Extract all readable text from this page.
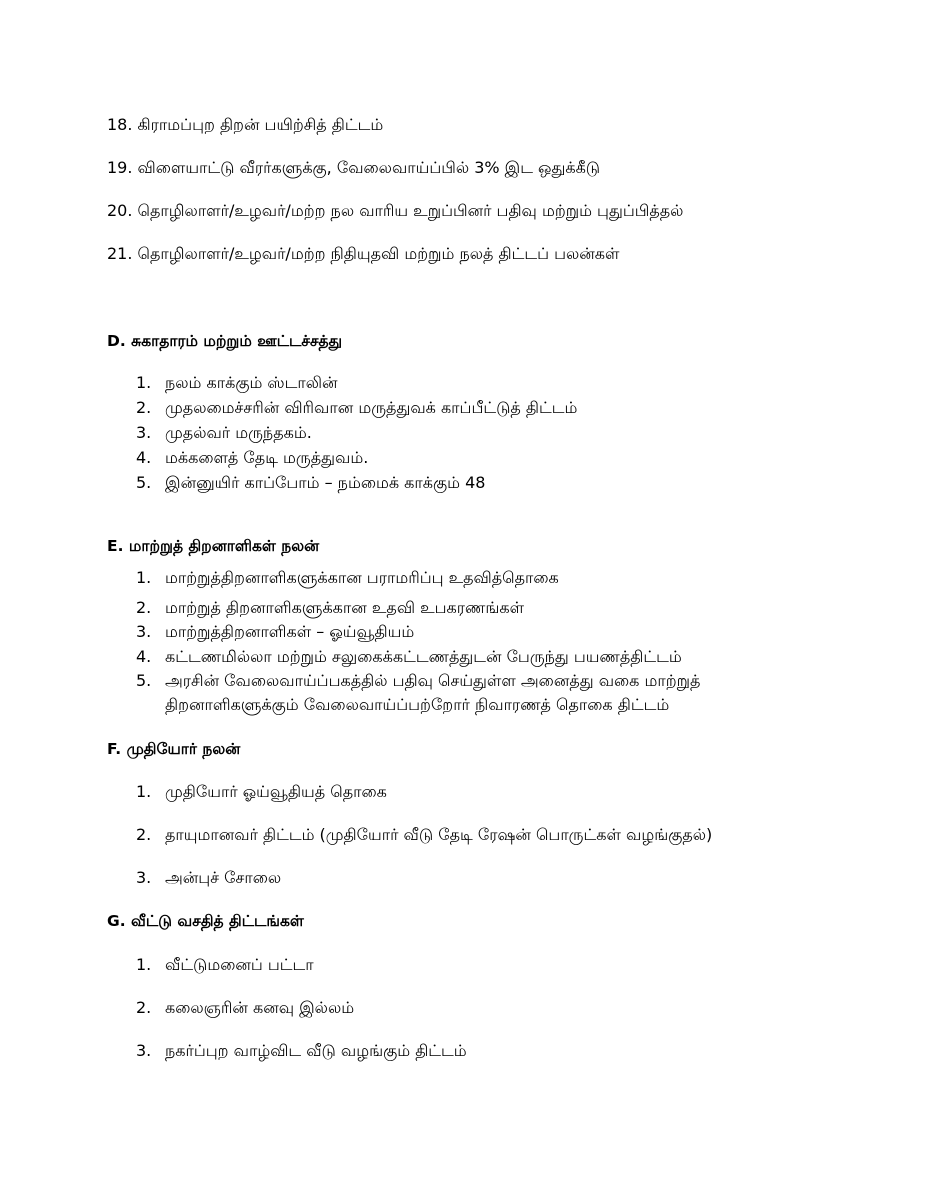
18. கிராமப்புற திறன் பயிற்சித் திட்டம்
19. விளையாட்டு வீரர்களுக்கு, வேலைவாய்ப்பில் 3% இட ஒதுக்கீடு
20. தொழிலாளர்/உழவர்/மற்ற நல வாரிய உறுப்பினர் பதிவு மற்றும் புதுப்பித்தல்
21. தொழிலாளர்/உழவர்/மற்ற நிதியுதவி மற்றும் நலத் திட்டப் பலன்கள்
D. சுகாதாரம் மற்றும் ஊட்டச்சத்து
1. நலம் காக்கும் ஸ்டாலின்
2. முதலமைச்சரின் விரிவான மருத்துவக் காப்பீட்டுத் திட்டம்
3. முதல்வர் மருந்தகம்.
4. மக்களைத் தேடி மருத்துவம்.
5. இன்னுயிர் காப்போம் – நம்மைக் காக்கும் 48
E. மாற்றுத் திறனாளிகள் நலன்
1. மாற்றுத்திறனாளிகளுக்கான பராமரிப்பு உதவித்தொகை
2. மாற்றுத் திறனாளிகளுக்கான உதவி உபகரணங்கள்
3. மாற்றுத்திறனாளிகள் – ஓய்வூதியம்
4. கட்டணமில்லா மற்றும் சலுகைக்கட்டணத்துடன் பேருந்து பயணத்திட்டம்
5. அரசின் வேலைவாய்ப்பகத்தில் பதிவு செய்துள்ள அனைத்து வகை மாற்றுத்
திறனாளிகளுக்கும் வேலைவாய்ப்பற்றோர் நிவாரணத் தொகை திட்டம்
F. முதியோர் நலன்
1. முதியோர் ஓய்வூதியத் தொகை
2. தாயுமானவர் திட்டம் (முதியோர் வீடு தேடி ரேஷன் பொருட்கள் வழங்குதல்)
3. அன்புச் சோலை
G. வீட்டு வசதித் திட்டங்கள்
1. வீட்டுமனைப் பட்டா
2. கலைஞரின் கனவு இல்லம்
3. நகர்ப்புற வாழ்விட வீடு வழங்கும் திட்டம்
